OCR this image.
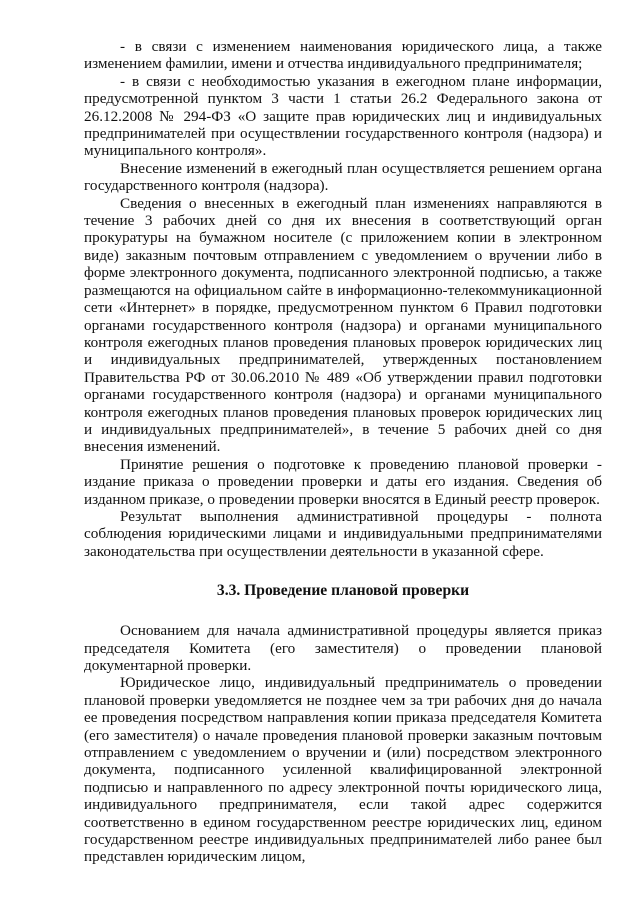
- в связи с изменением наименования юридического лица, а также изменением фамилии, имени и отчества индивидуального предпринимателя;

- в связи с необходимостью указания в ежегодном плане информации, предусмотренной пунктом 3 части 1 статьи 26.2 Федерального закона от 26.12.2008 № 294-ФЗ «О защите прав юридических лиц и индивидуальных предпринимателей при осуществлении государственного контроля (надзора) и муниципального контроля».

Внесение изменений в ежегодный план осуществляется решением органа государственного контроля (надзора).

Сведения о внесенных в ежегодный план изменениях направляются в течение 3 рабочих дней со дня их внесения в соответствующий орган прокуратуры на бумажном носителе (с приложением копии в электронном виде) заказным почтовым отправлением с уведомлением о вручении либо в форме электронного документа, подписанного электронной подписью, а также размещаются на официальном сайте в информационно-телекоммуникационной сети «Интернет» в порядке, предусмотренном пунктом 6 Правил подготовки органами государственного контроля (надзора) и органами муниципального контроля ежегодных планов проведения плановых проверок юридических лиц и индивидуальных предпринимателей, утвержденных постановлением Правительства РФ от 30.06.2010 № 489 «Об утверждении правил подготовки органами государственного контроля (надзора) и органами муниципального контроля ежегодных планов проведения плановых проверок юридических лиц и индивидуальных предпринимателей», в течение 5 рабочих дней со дня внесения изменений.

Принятие решения о подготовке к проведению плановой проверки - издание приказа о проведении проверки и даты его издания. Сведения об изданном приказе, о проведении проверки вносятся в Единый реестр проверок.

Результат выполнения административной процедуры - полнота соблюдения юридическими лицами и индивидуальными предпринимателями законодательства при осуществлении деятельности в указанной сфере.

3.3. Проведение плановой проверки

Основанием для начала административной процедуры является приказ председателя Комитета (его заместителя) о проведении плановой документарной проверки.

Юридическое лицо, индивидуальный предприниматель о проведении плановой проверки уведомляется не позднее чем за три рабочих дня до начала ее проведения посредством направления копии приказа председателя Комитета (его заместителя) о начале проведения плановой проверки заказным почтовым отправлением с уведомлением о вручении и (или) посредством электронного документа, подписанного усиленной квалифицированной электронной подписью и направленного по адресу электронной почты юридического лица, индивидуального предпринимателя, если такой адрес содержится соответственно в едином государственном реестре юридических лиц, едином государственном реестре индивидуальных предпринимателей либо ранее был представлен юридическим лицом,
